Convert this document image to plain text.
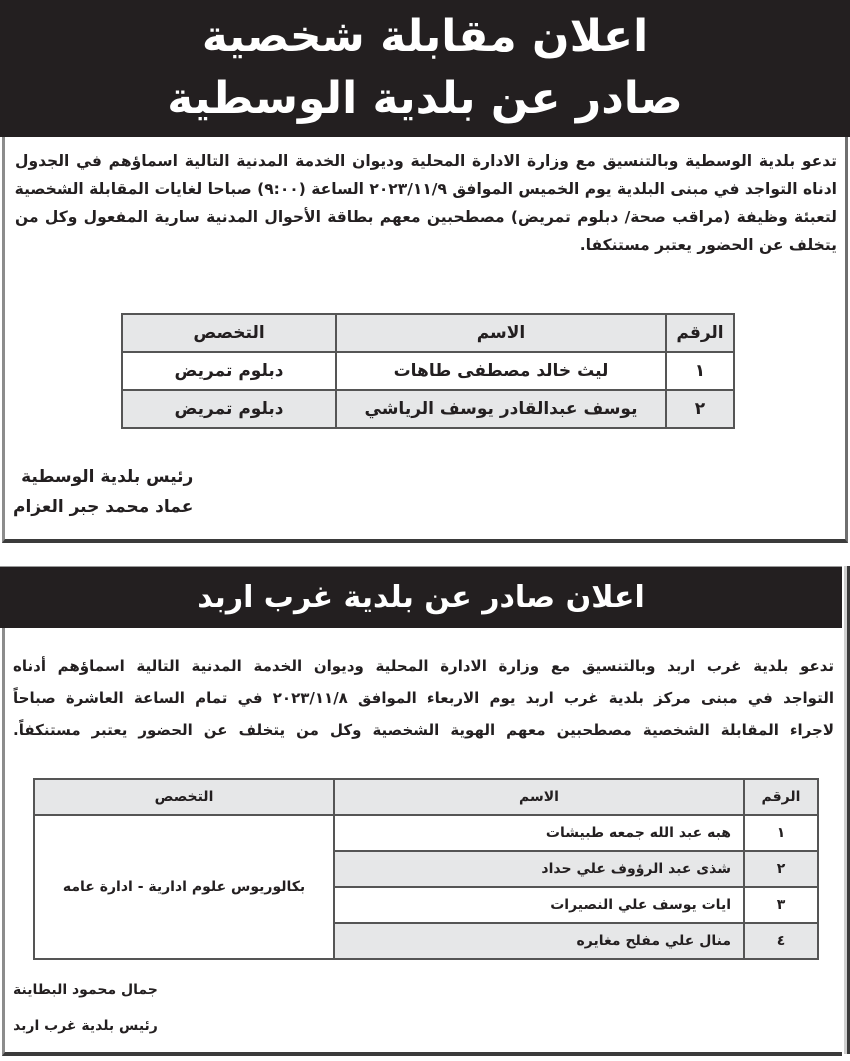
اعلان مقابلة شخصية
صادر عن بلدية الوسطية
تدعو بلدية الوسطية وبالتنسيق مع وزارة الادارة المحلية وديوان الخدمة المدنية التالية اسماؤهم في الجدول
ادناه التواجد في مبنى البلدية يوم الخميس الموافق ٢٠٢٣/١١/٩ الساعة (٩:٠٠) صباحا لغايات المقابلة الشخصية
لتعبئة وظيفة (مراقب صحة/ دبلوم تمريض) مصطحبين معهم بطاقة الأحوال المدنية سارية المفعول وكل من
يتخلف عن الحضور يعتبر مستنكفا.
الرقم	الاسم	التخصص
١	ليث خالد مصطفى طاهات	دبلوم تمريض
٢	يوسف عبدالقادر يوسف الرياشي	دبلوم تمريض
رئيس بلدية الوسطية
عماد محمد جبر العزام
اعلان صادر عن بلدية غرب اربد
تدعو بلدية غرب اربد وبالتنسيق مع وزارة الادارة المحلية وديوان الخدمة المدنية التالية اسماؤهم أدناه
التواجد في مبنى مركز بلدية غرب اربد يوم الاربعاء الموافق ٢٠٢٣/١١/٨ في تمام الساعة العاشرة صباحاً
لاجراء المقابلة الشخصية مصطحبين معهم الهوية الشخصية وكل من يتخلف عن الحضور يعتبر مستنكفاً.
الرقم	الاسم	التخصص
١	هبه عبد الله جمعه طبيشات	بكالوريوس علوم ادارية - ادارة عامه
٢	شذى عبد الرؤوف علي حداد	
٣	ايات يوسف علي النصيرات	
٤	منال علي مفلح مغايره	
جمال محمود البطاينة
رئيس بلدية غرب اربد
